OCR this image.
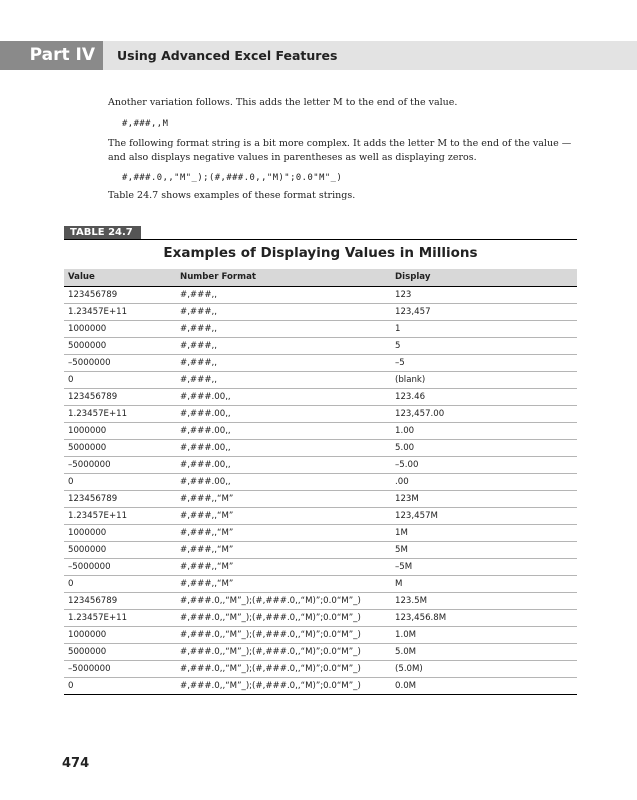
Part IV	Using Advanced Excel Features

Another variation follows. This adds the letter M to the end of the value.

#,###,,M

The following format string is a bit more complex. It adds the letter M to the end of the value — and also displays negative values in parentheses as well as displaying zeros.

#,###.0,,"M"_);(#,###.0,,"M)";0.0"M"_)

Table 24.7 shows examples of these format strings.

TABLE 24.7
Examples of Displaying Values in Millions
Value	Number Format	Display
123456789	#,###,,	123
1.23457E+11	#,###,,	123,457
1000000	#,###,,	1
5000000	#,###,,	5
–5000000	#,###,,	–5
0	#,###,,	(blank)
123456789	#,###.00,,	123.46
1.23457E+11	#,###.00,,	123,457.00
1000000	#,###.00,,	1.00
5000000	#,###.00,,	5.00
–5000000	#,###.00,,	–5.00
0	#,###.00,,	.00
123456789	#,###,,“M”	123M
1.23457E+11	#,###,,“M”	123,457M
1000000	#,###,,“M”	1M
5000000	#,###,,“M”	5M
–5000000	#,###,,“M”	–5M
0	#,###,,“M”	M
123456789	#,###.0,,“M”_);(#,###.0,,“M)”;0.0“M”_)	123.5M
1.23457E+11	#,###.0,,“M”_);(#,###.0,,“M)”;0.0“M”_)	123,456.8M
1000000	#,###.0,,“M”_);(#,###.0,,“M)”;0.0“M”_)	1.0M
5000000	#,###.0,,“M”_);(#,###.0,,“M)”;0.0“M”_)	5.0M
–5000000	#,###.0,,“M”_);(#,###.0,,“M)”;0.0“M”_)	(5.0M)
0	#,###.0,,“M”_);(#,###.0,,“M)”;0.0“M”_)	0.0M
474
